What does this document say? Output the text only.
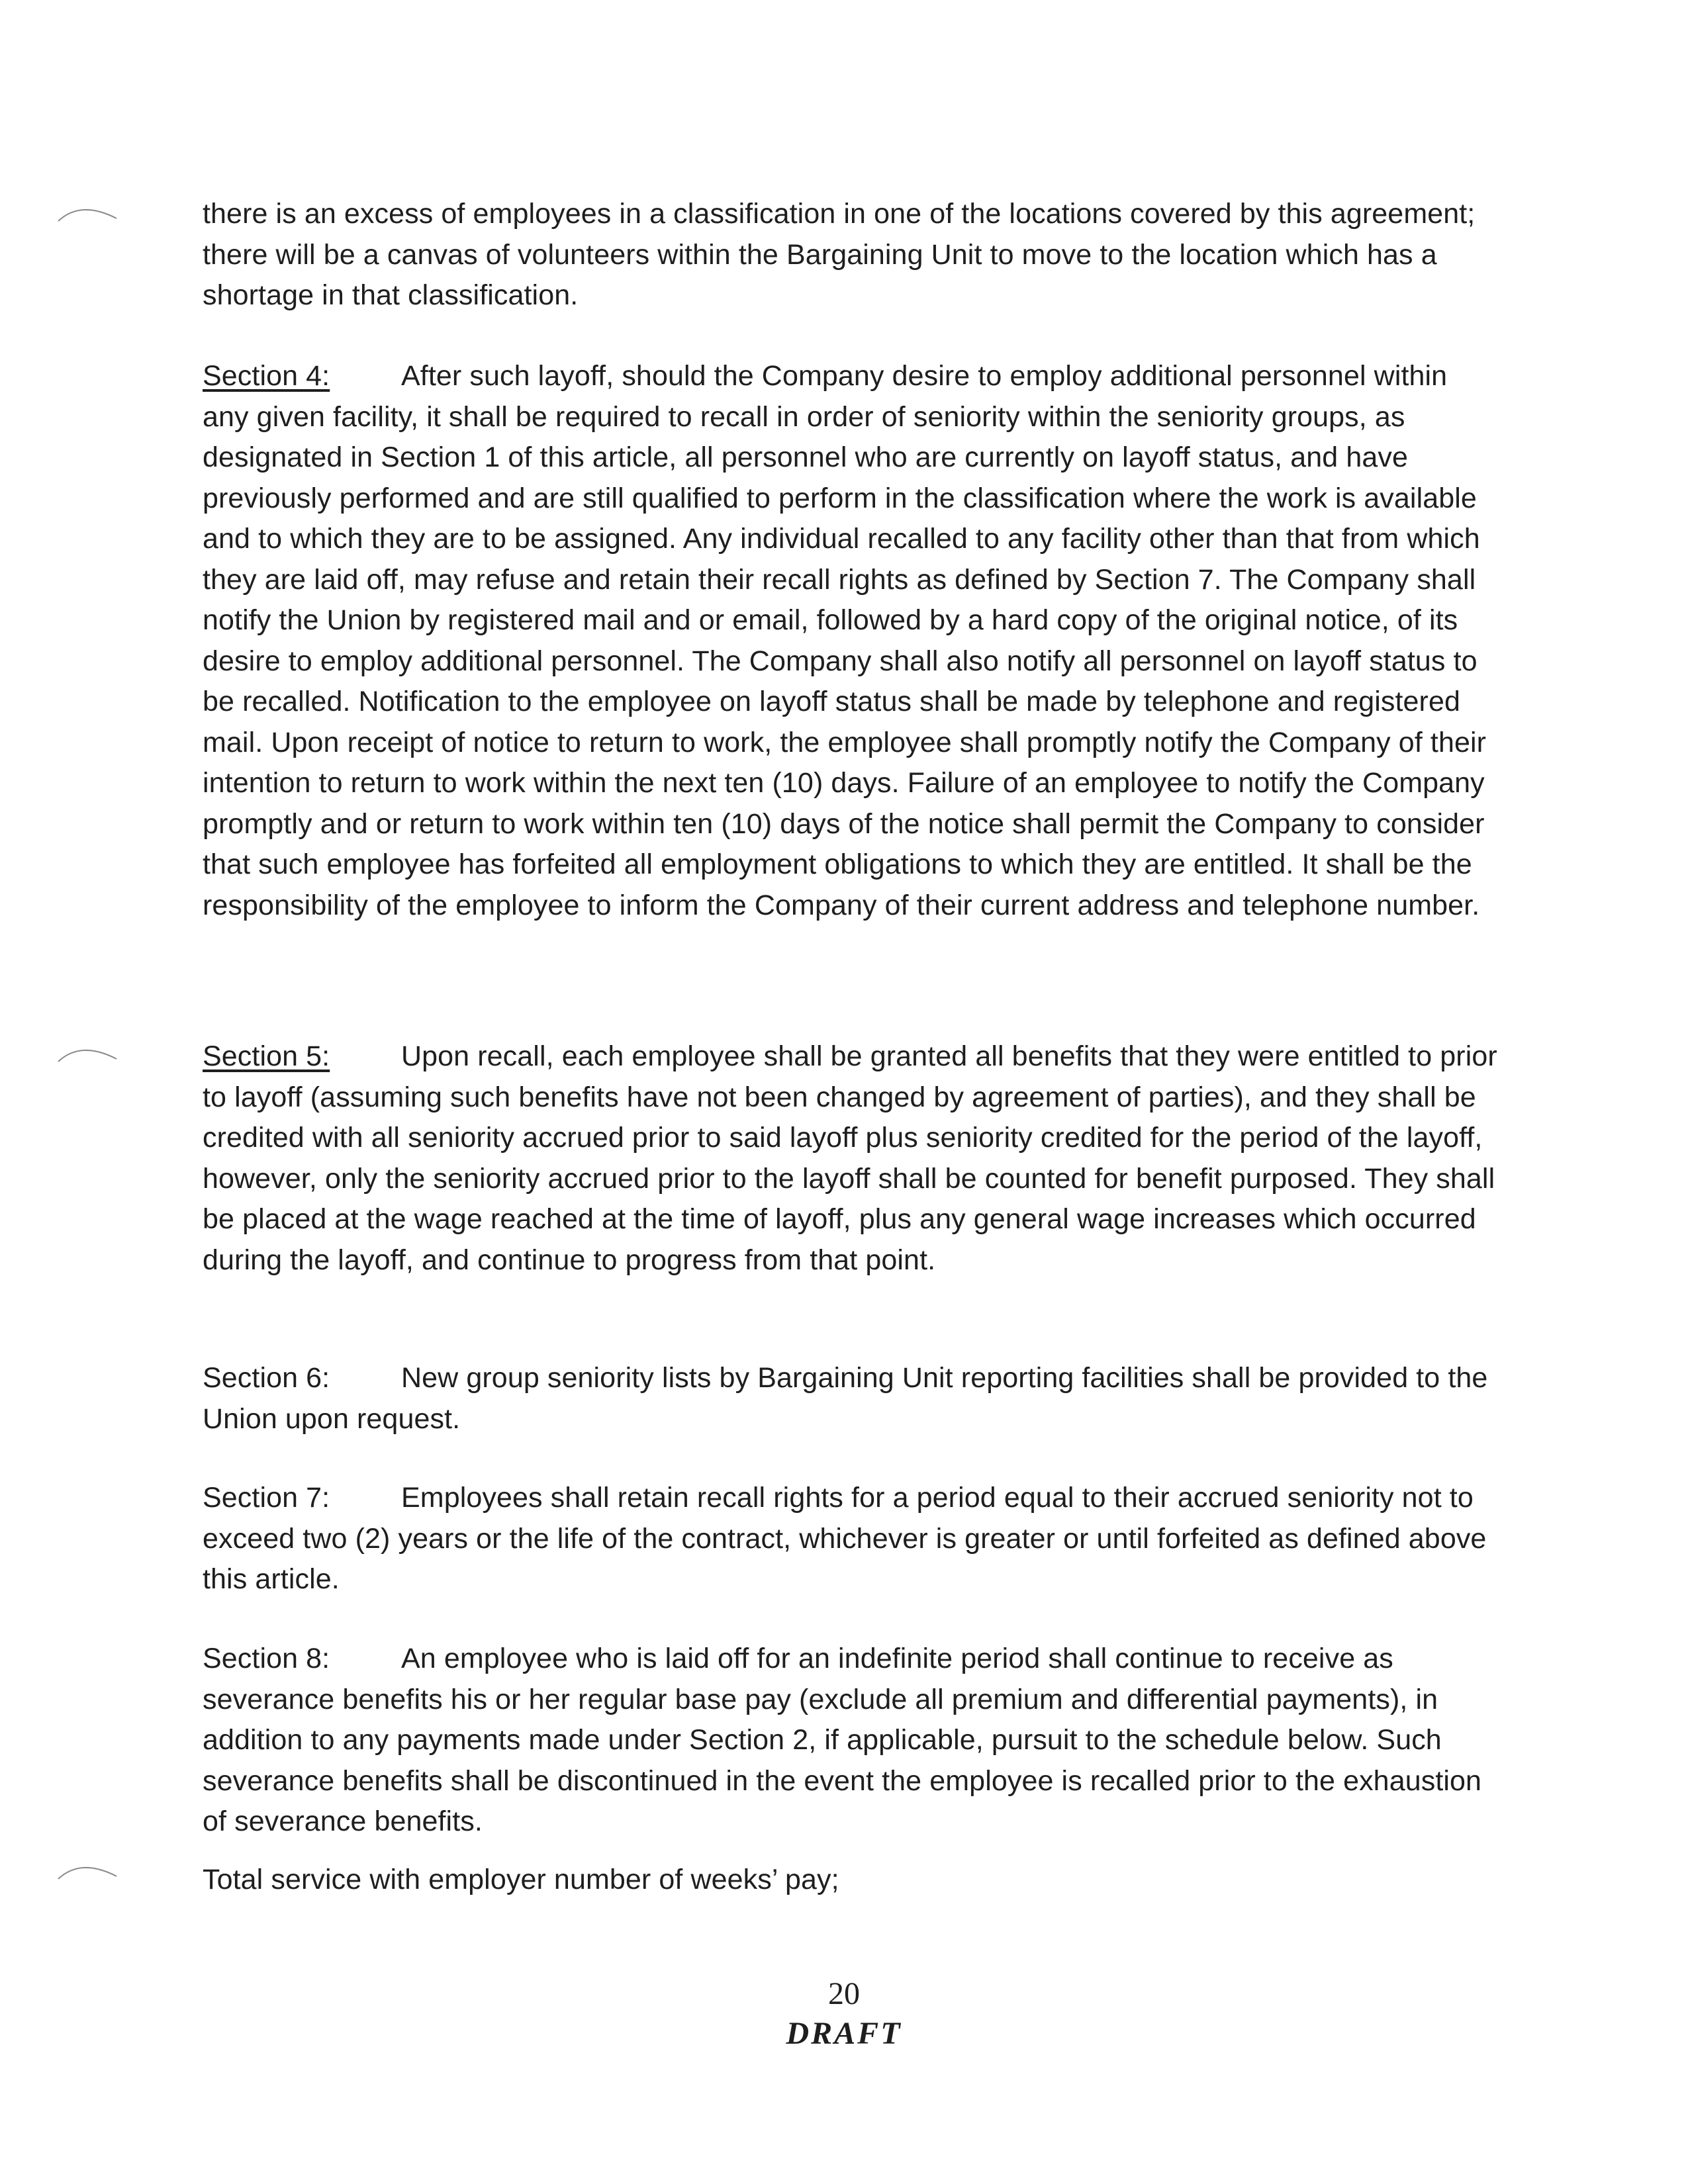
there is an excess of employees in a classification in one of the locations covered by this agreement; there will be a canvas of volunteers within the Bargaining Unit to move to the location which has a shortage in that classification.

Section 4:	After such layoff, should the Company desire to employ additional personnel within any given facility, it shall be required to recall in order of seniority within the seniority groups, as designated in Section 1 of this article, all personnel who are currently on layoff status, and have previously performed and are still qualified to perform in the classification where the work is available and to which they are to be assigned. Any individual recalled to any facility other than that from which they are laid off, may refuse and retain their recall rights as defined by Section 7. The Company shall notify the Union by registered mail and or email, followed by a hard copy of the original notice, of its desire to employ additional personnel. The Company shall also notify all personnel on layoff status to be recalled. Notification to the employee on layoff status shall be made by telephone and registered mail. Upon receipt of notice to return to work, the employee shall promptly notify the Company of their intention to return to work within the next ten (10) days. Failure of an employee to notify the Company promptly and or return to work within ten (10) days of the notice shall permit the Company to consider that such employee has forfeited all employment obligations to which they are entitled. It shall be the responsibility of the employee to inform the Company of their current address and telephone number.

Section 5:	Upon recall, each employee shall be granted all benefits that they were entitled to prior to layoff (assuming such benefits have not been changed by agreement of parties), and they shall be credited with all seniority accrued prior to said layoff plus seniority credited for the period of the layoff, however, only the seniority accrued prior to the layoff shall be counted for benefit purposed. They shall be placed at the wage reached at the time of layoff, plus any general wage increases which occurred during the layoff, and continue to progress from that point.

Section 6:	New group seniority lists by Bargaining Unit reporting facilities shall be provided to the Union upon request.

Section 7:	Employees shall retain recall rights for a period equal to their accrued seniority not to exceed two (2) years or the life of the contract, whichever is greater or until forfeited as defined above this article.

Section 8:	An employee who is laid off for an indefinite period shall continue to receive as severance benefits his or her regular base pay (exclude all premium and differential payments), in addition to any payments made under Section 2, if applicable, pursuit to the schedule below. Such severance benefits shall be discontinued in the event the employee is recalled prior to the exhaustion of severance benefits.

Total service with employer number of weeks’ pay;

20
DRAFT
